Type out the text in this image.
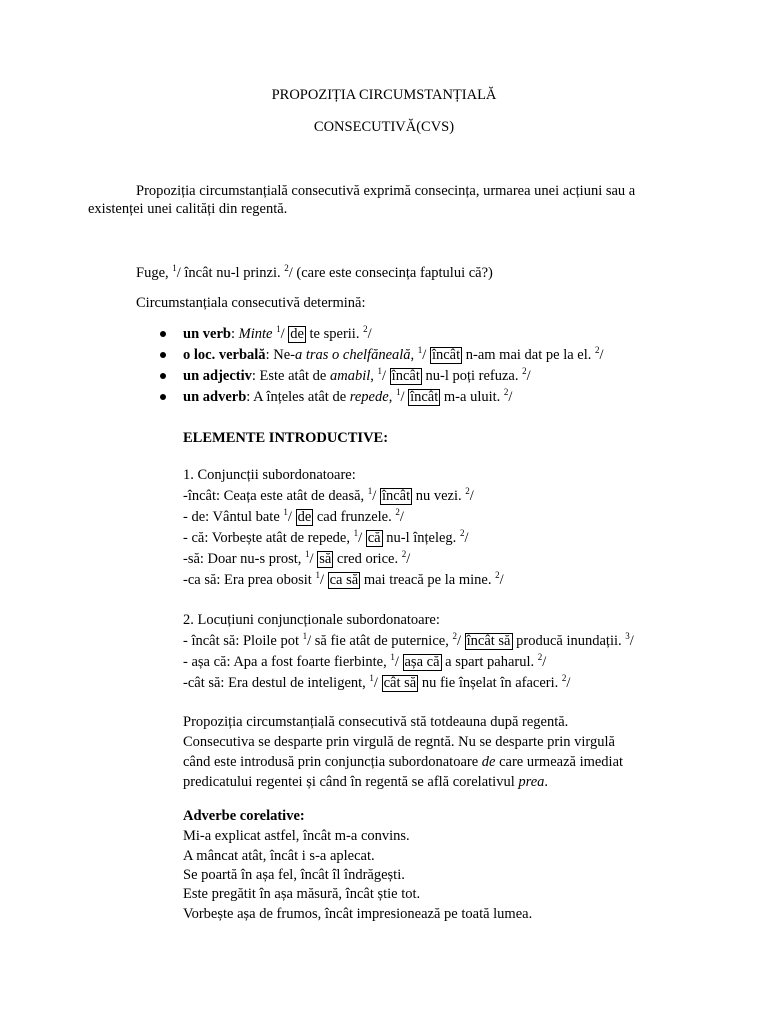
PROPOZIȚIA CIRCUMSTANȚIALĂ
CONSECUTIVĂ(CVS)
Propoziția circumstanțială consecutivă exprimă consecința, urmarea unei acțiuni sau a
existenței unei calități din regentă.
Fuge, $^1$/ încât nu-l prinzi. $^2$/ (care este consecința faptului că?)
Circumstanțiala consecutivă determină:
un verb: Minte $^1$/ de te sperii. $^2$/
o loc. verbală: Ne-a tras o chelfăneală, $^1$/ încât n-am mai dat pe la el. $^2$/
un adjectiv: Este atât de amabil, $^1$/ încât nu-l poți refuza. $^2$/
un adverb: A înțeles atât de repede, $^1$/ încât m-a uluit. $^2$/
ELEMENTE INTRODUCTIVE:
1. Conjuncții subordonatoare:
-încât: Ceața este atât de deasă, $^1$/ încât nu vezi. $^2$/
- de: Vântul bate $^1$/ de cad frunzele. $^2$/
- că: Vorbește atât de repede, $^1$/ că nu-l înțeleg. $^2$/
-să: Doar nu-s prost, $^1$/ să cred orice. $^2$/
-ca să: Era prea obosit $^1$/ ca să mai treacă pe la mine. $^2$/
2. Locuțiuni conjuncționale subordonatoare:
- încât să: Ploile pot $^1$/ să fie atât de puternice, $^2$/ încât să producă inundații. $^3$/
- așa că: Apa a fost foarte fierbinte, $^1$/ așa că a spart paharul. $^2$/
-cât să: Era destul de inteligent, $^1$/ cât să nu fie înșelat în afaceri. $^2$/
Propoziția circumstanțială consecutivă stă totdeauna după regentă.
Consecutiva se desparte prin virgulă de regntă. Nu se desparte prin virgulă
când este introdusă prin conjuncția subordonatoare de care urmează imediat
predicatului regentei și când în regentă se află corelativul prea.
Adverbe corelative:
Mi-a explicat astfel, încât m-a convins.
A mâncat atât, încât i s-a aplecat.
Se poartă în așa fel, încât îl îndrăgești.
Este pregătit în așa măsură, încât știe tot.
Vorbește așa de frumos, încât impresionează pe toată lumea.
